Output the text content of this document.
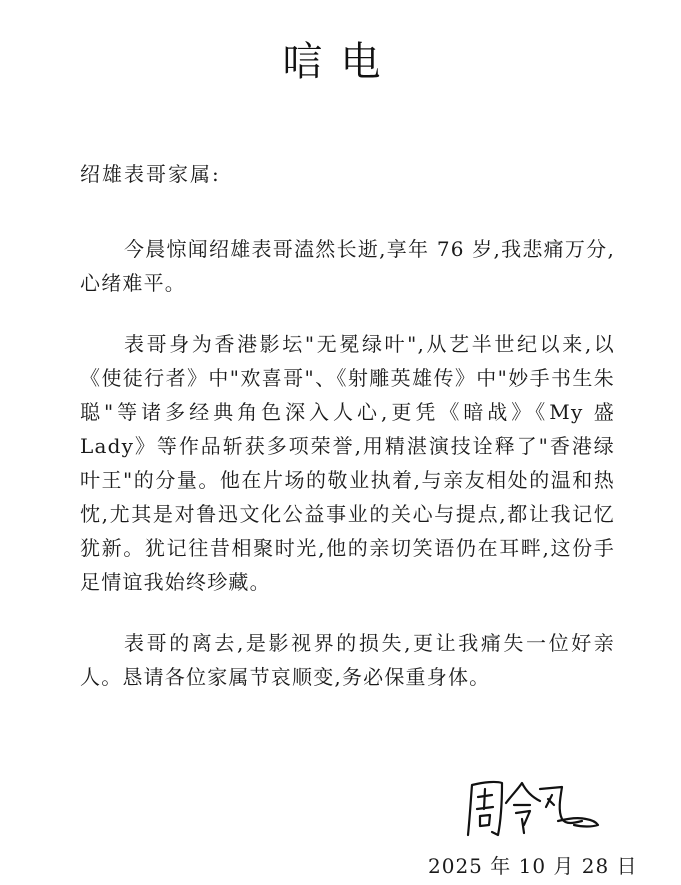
唁电
绍雄表哥家属:

今晨惊闻绍雄表哥溘然长逝,享年 76 岁,我悲痛万分,心绪难平。

表哥身为香港影坛"无冕绿叶",从艺半世纪以来,以《使徒行者》中"欢喜哥"、《射雕英雄传》中"妙手书生朱聪"等诸多经典角色深入人心,更凭《暗战》《My 盛 Lady》等作品斩获多项荣誉,用精湛演技诠释了"香港绿叶王"的分量。他在片场的敬业执着,与亲友相处的温和热忱,尤其是对鲁迅文化公益事业的关心与提点,都让我记忆犹新。犹记往昔相聚时光,他的亲切笑语仍在耳畔,这份手足情谊我始终珍藏。

表哥的离去,是影视界的损失,更让我痛失一位好亲人。恳请各位家属节哀顺变,务必保重身体。

2025 年 10 月 28 日
